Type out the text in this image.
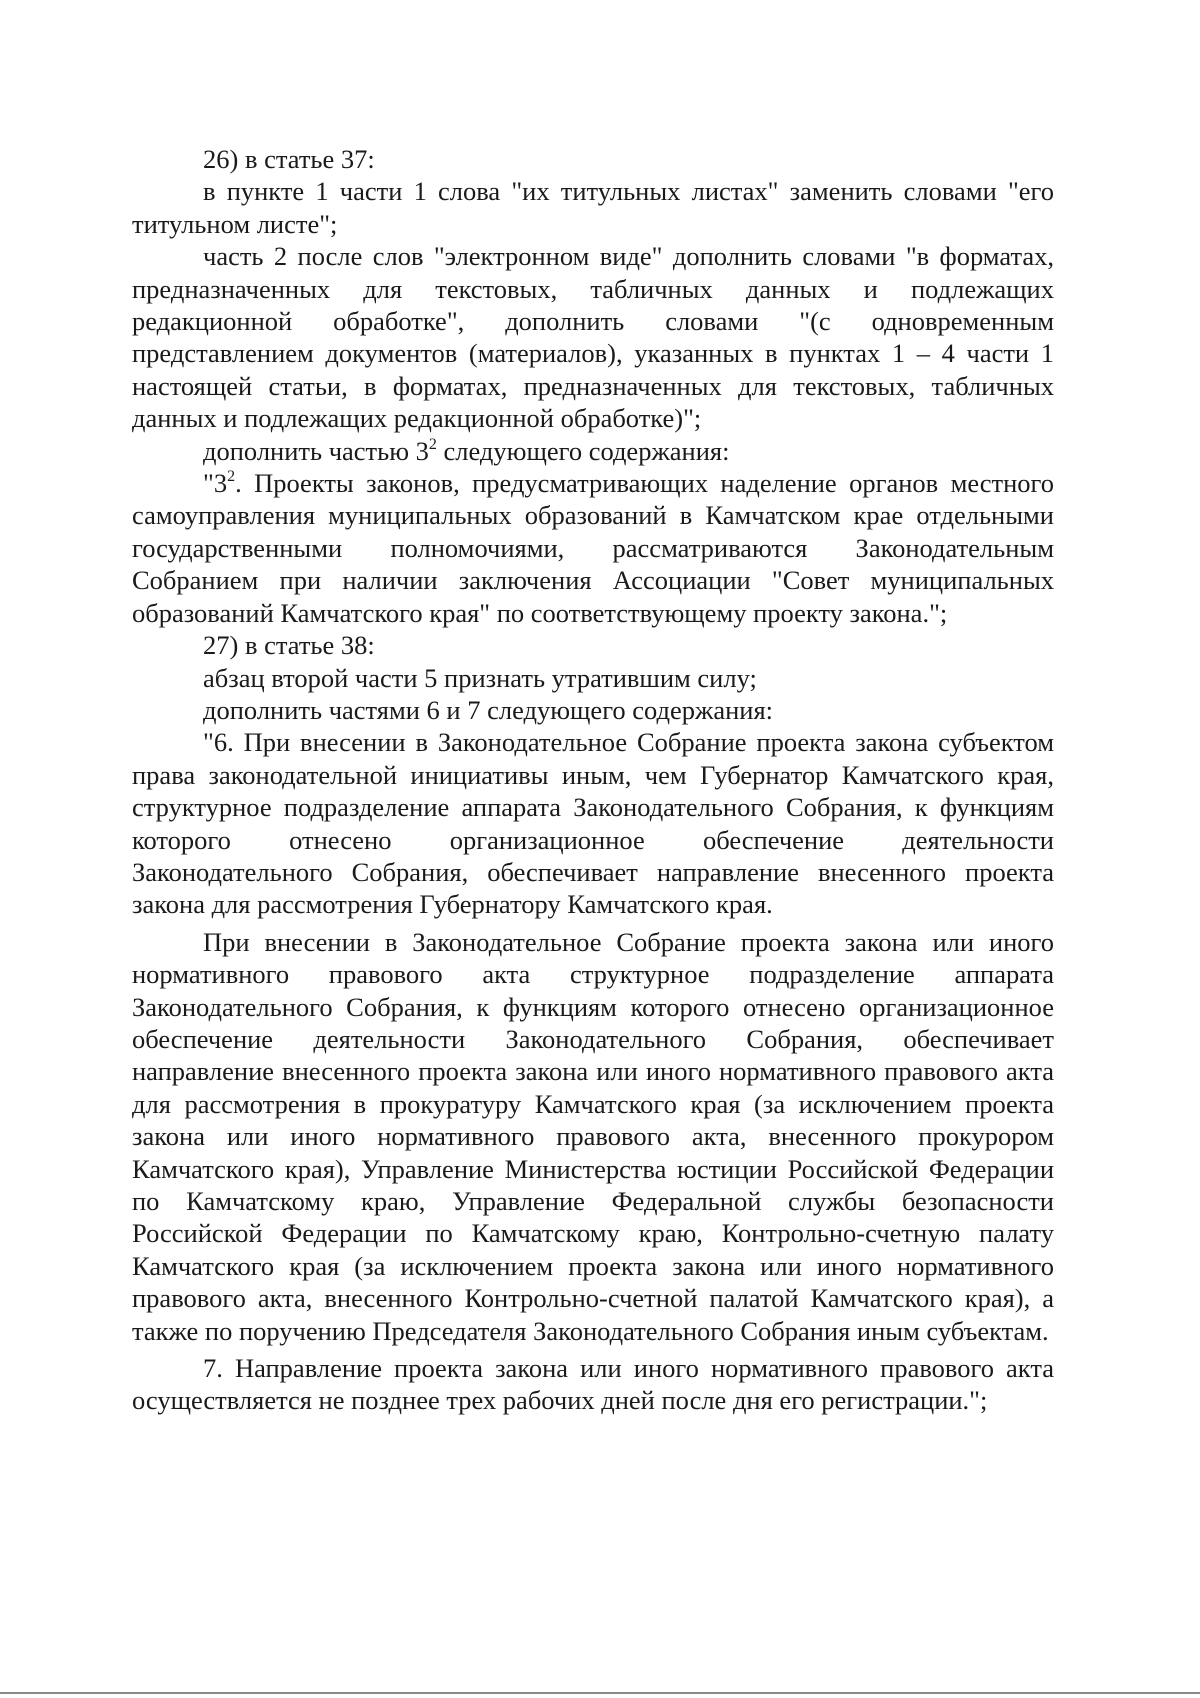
26) в статье 37:

в пункте 1 части 1 слова "их титульных листах" заменить словами "его титульном листе";

часть 2 после слов "электронном виде" дополнить словами "в форматах, предназначенных для текстовых, табличных данных и подлежащих редакционной обработке", дополнить словами "(с одновременным представлением документов (материалов), указанных в пунктах 1 – 4 части 1 настоящей статьи, в форматах, предназначенных для текстовых, табличных данных и подлежащих редакционной обработке)";

дополнить частью $3^2$ следующего содержания:

"$3^2$. Проекты законов, предусматривающих наделение органов местного самоуправления муниципальных образований в Камчатском крае отдельными государственными полномочиями, рассматриваются Законодательным Собранием при наличии заключения Ассоциации "Совет муниципальных образований Камчатского края" по соответствующему проекту закона.";

27) в статье 38:

абзац второй части 5 признать утратившим силу;

дополнить частями 6 и 7 следующего содержания:

"6. При внесении в Законодательное Собрание проекта закона субъектом права законодательной инициативы иным, чем Губернатор Камчатского края, структурное подразделение аппарата Законодательного Собрания, к функциям которого отнесено организационное обеспечение деятельности Законодательного Собрания, обеспечивает направление внесенного проекта закона для рассмотрения Губернатору Камчатского края.

При внесении в Законодательное Собрание проекта закона или иного нормативного правового акта структурное подразделение аппарата Законодательного Собрания, к функциям которого отнесено организационное обеспечение деятельности Законодательного Собрания, обеспечивает направление внесенного проекта закона или иного нормативного правового акта для рассмотрения в прокуратуру Камчатского края (за исключением проекта закона или иного нормативного правового акта, внесенного прокурором Камчатского края), Управление Министерства юстиции Российской Федерации по Камчатскому краю, Управление Федеральной службы безопасности Российской Федерации по Камчатскому краю, Контрольно-счетную палату Камчатского края (за исключением проекта закона или иного нормативного правового акта, внесенного Контрольно-счетной палатой Камчатского края), а также по поручению Председателя Законодательного Собрания иным субъектам.

7. Направление проекта закона или иного нормативного правового акта осуществляется не позднее трех рабочих дней после дня его регистрации.";
